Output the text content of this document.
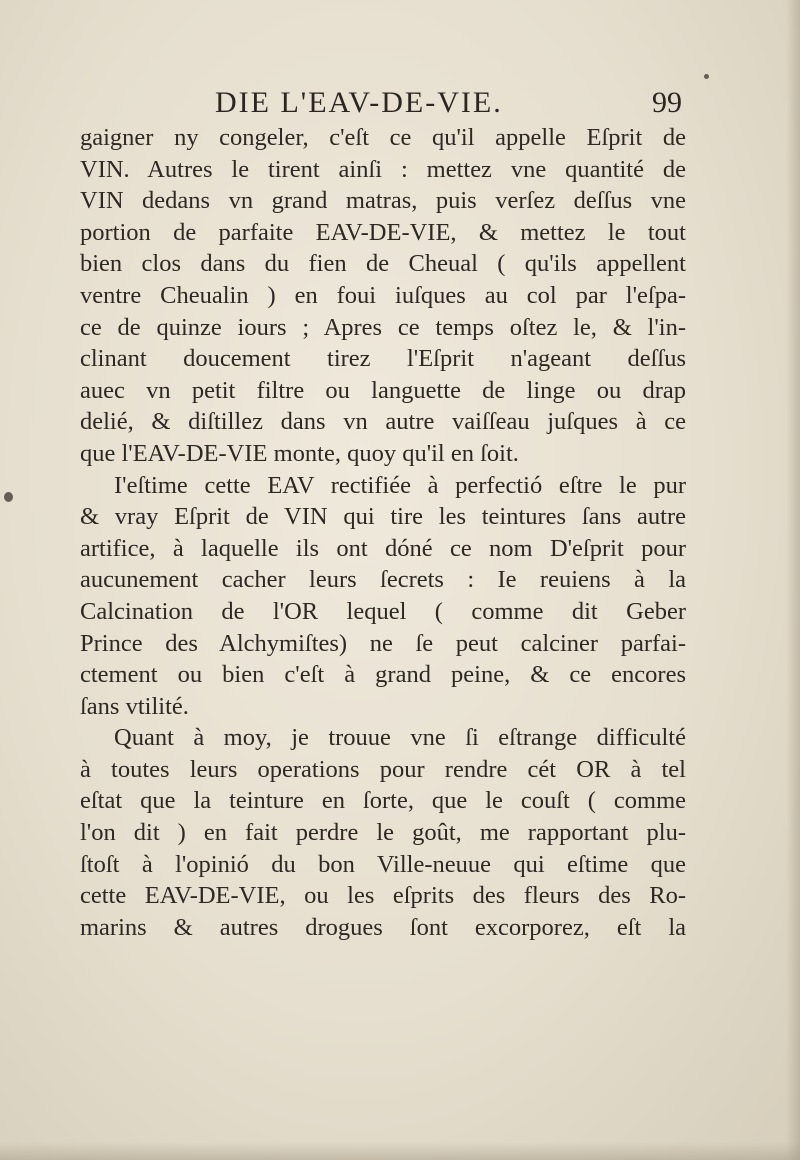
DIE L'EAV-DE-VIE.	99
gaigner ny congeler, c'eſt ce qu'il appelle Eſprit de
VIN. Autres le tirent ainſi : mettez vne quantité de
VIN dedans vn grand matras, puis verſez deſſus vne
portion de parfaite EAV-DE-VIE, & mettez le tout
bien clos dans du fien de Cheual ( qu'ils appellent
ventre Cheualin ) en foui iuſques au col par l'eſpa-
ce de quinze iours ; Apres ce temps oſtez le, & l'in-
clinant doucement tirez l'Eſprit n'ageant deſſus
auec vn petit filtre ou languette de linge ou drap
delié, & diſtillez dans vn autre vaiſſeau juſques à ce
que l'EAV-DE-VIE monte, quoy qu'il en ſoit.
I'eſtime cette EAV rectifiée à perfectió eſtre le pur
& vray Eſprit de VIN qui tire les teintures ſans autre
artifice, à laquelle ils ont dóné ce nom D'eſprit pour
aucunement cacher leurs ſecrets : Ie reuiens à la
Calcination de l'OR lequel ( comme dit Geber
Prince des Alchymiſtes) ne ſe peut calciner parfai-
ctement ou bien c'eſt à grand peine, & ce encores
ſans vtilité.
Quant à moy, je trouue vne ſi eſtrange difficulté
à toutes leurs operations pour rendre cét OR à tel
eſtat que la teinture en ſorte, que le couſt ( comme
l'on dit ) en fait perdre le goût, me rapportant plu-
ſtoſt à l'opinió du bon Ville-neuue qui eſtime que
cette EAV-DE-VIE, ou les eſprits des fleurs des Ro-
marins & autres drogues ſont excorporez, eſt la
